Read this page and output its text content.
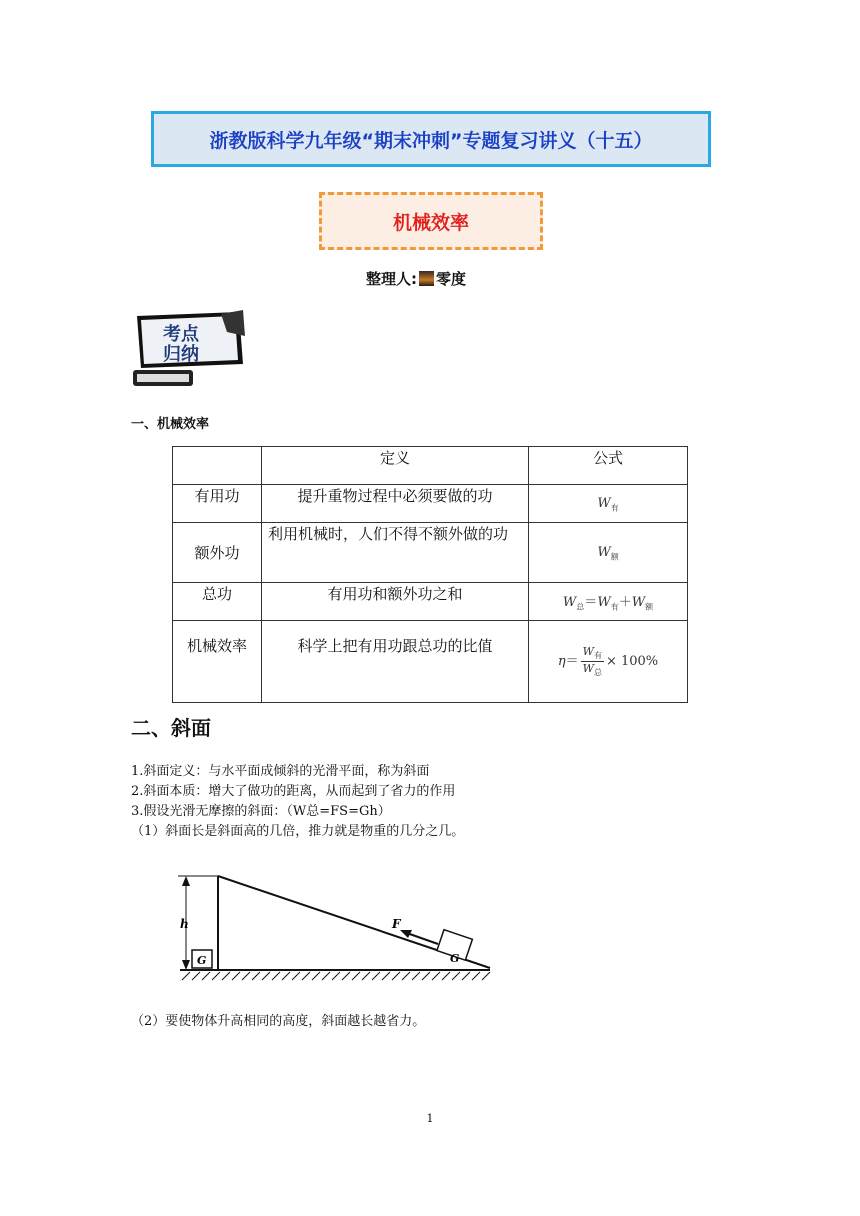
浙教版科学九年级“期末冲刺”专题复习讲义（十五）
机械效率
整理人: 零度
考点
归纳
一、机械效率
	定义	公式
有用功	提升重物过程中必须要做的功	$W_有$
额外功	利用机械时，人们不得不额外做的功	$W_额$
总功	有用功和额外功之和	$W_总=W_有+W_额$
机械效率	科学上把有用功跟总功的比值	$\eta= \frac{W_有}{W_总} \times 100\%$
二、斜面
1.斜面定义：与水平面成倾斜的光滑平面，称为斜面
2.斜面本质：增大了做功的距离，从而起到了省力的作用
3.假设光滑无摩擦的斜面：（W总=FS=Gh）
（1）斜面长是斜面高的几倍，推力就是物重的几分之几。
h
G	G
F
（2）要使物体升高相同的高度，斜面越长越省力。
1
